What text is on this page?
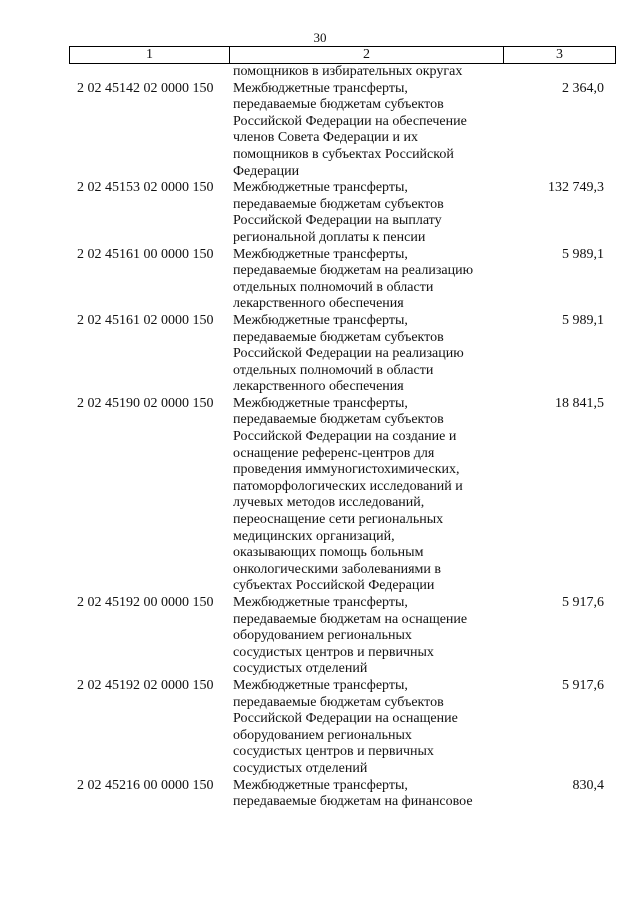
30
1	2	3
помощников в избирательных округах
2 02 45142 02 0000 150	Межбюджетные трансферты,
передаваемые бюджетам субъектов
Российской Федерации на обеспечение
членов Совета Федерации и их
помощников в субъектах Российской
Федерации
2 364,0
2 02 45153 02 0000 150	Межбюджетные трансферты,
передаваемые бюджетам субъектов
Российской Федерации на выплату
региональной доплаты к пенсии
132 749,3
2 02 45161 00 0000 150	Межбюджетные трансферты,
передаваемые бюджетам на реализацию
отдельных полномочий в области
лекарственного обеспечения
5 989,1
2 02 45161 02 0000 150	Межбюджетные трансферты,
передаваемые бюджетам субъектов
Российской Федерации на реализацию
отдельных полномочий в области
лекарственного обеспечения
5 989,1
2 02 45190 02 0000 150	Межбюджетные трансферты,
передаваемые бюджетам субъектов
Российской Федерации на создание и
оснащение референс-центров для
проведения иммуногистохимических,
патоморфологических исследований и
лучевых методов исследований,
переоснащение сети региональных
медицинских организаций,
оказывающих помощь больным
онкологическими заболеваниями в
субъектах Российской Федерации
18 841,5
2 02 45192 00 0000 150	Межбюджетные трансферты,
передаваемые бюджетам на оснащение
оборудованием региональных
сосудистых центров и первичных
сосудистых отделений
5 917,6
2 02 45192 02 0000 150	Межбюджетные трансферты,
передаваемые бюджетам субъектов
Российской Федерации на оснащение
оборудованием региональных
сосудистых центров и первичных
сосудистых отделений
5 917,6
2 02 45216 00 0000 150	Межбюджетные трансферты,
передаваемые бюджетам на финансовое
830,4
